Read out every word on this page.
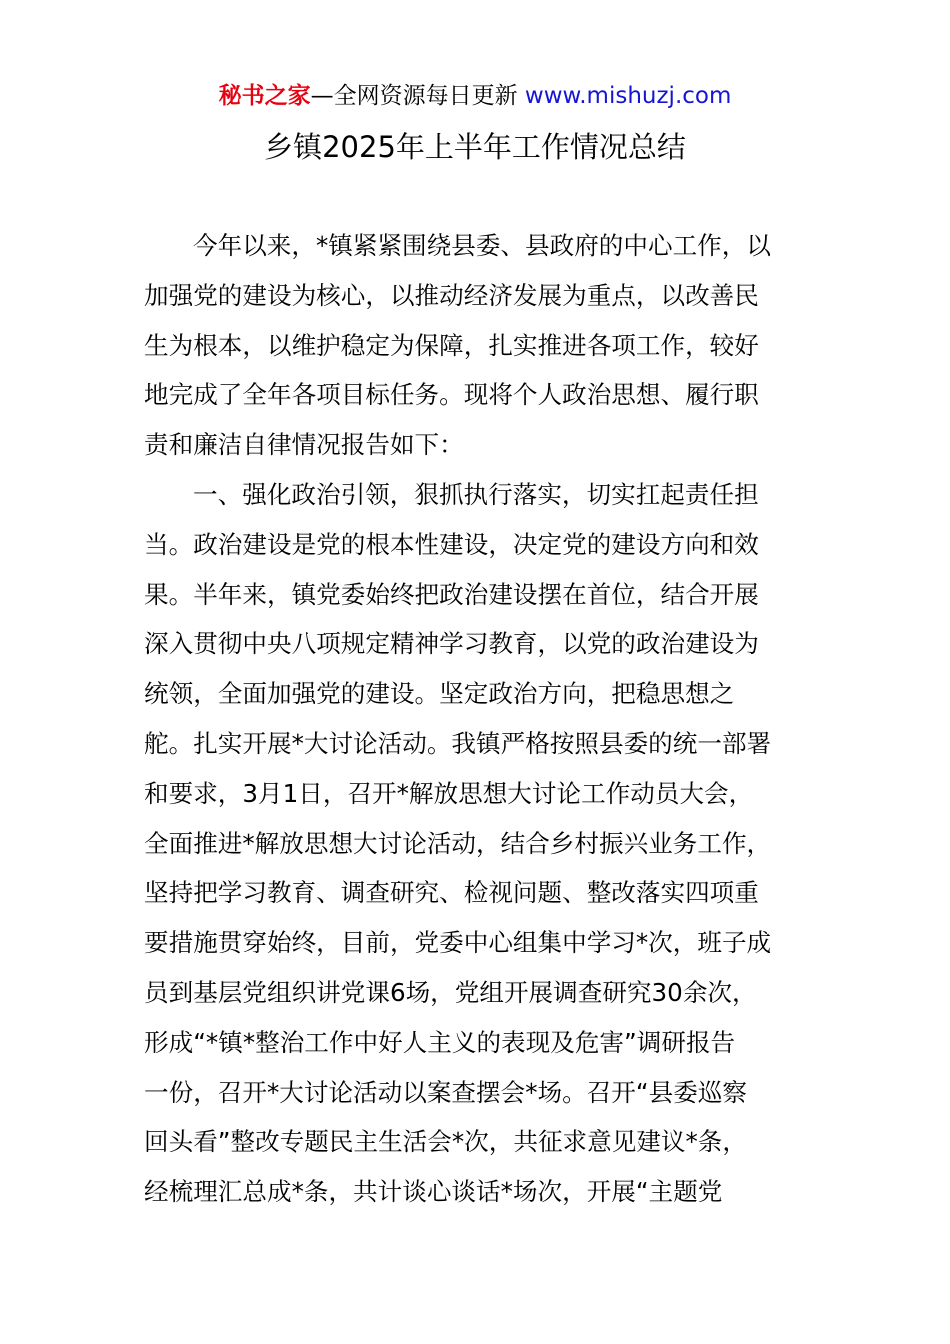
秘书之家—全网资源每日更新 www.mishuzj.com
乡镇2025年上半年工作情况总结
今年以来，*镇紧紧围绕县委、县政府的中心工作，以
加强党的建设为核心，以推动经济发展为重点，以改善民
生为根本，以维护稳定为保障，扎实推进各项工作，较好
地完成了全年各项目标任务。现将个人政治思想、履行职
责和廉洁自律情况报告如下：
一、强化政治引领，狠抓执行落实，切实扛起责任担
当。政治建设是党的根本性建设，决定党的建设方向和效
果。半年来，镇党委始终把政治建设摆在首位，结合开展
深入贯彻中央八项规定精神学习教育，以党的政治建设为
统领，全面加强党的建设。坚定政治方向，把稳思想之
舵。扎实开展*大讨论活动。我镇严格按照县委的统一部署
和要求，3月1日，召开*解放思想大讨论工作动员大会，
全面推进*解放思想大讨论活动，结合乡村振兴业务工作，
坚持把学习教育、调查研究、检视问题、整改落实四项重
要措施贯穿始终，目前，党委中心组集中学习*次，班子成
员到基层党组织讲党课6场，党组开展调查研究30余次，
形成“*镇*整治工作中好人主义的表现及危害”调研报告
一份，召开*大讨论活动以案查摆会*场。召开“县委巡察
回头看”整改专题民主生活会*次，共征求意见建议*条，
经梳理汇总成*条，共计谈心谈话*场次，开展“主题党
